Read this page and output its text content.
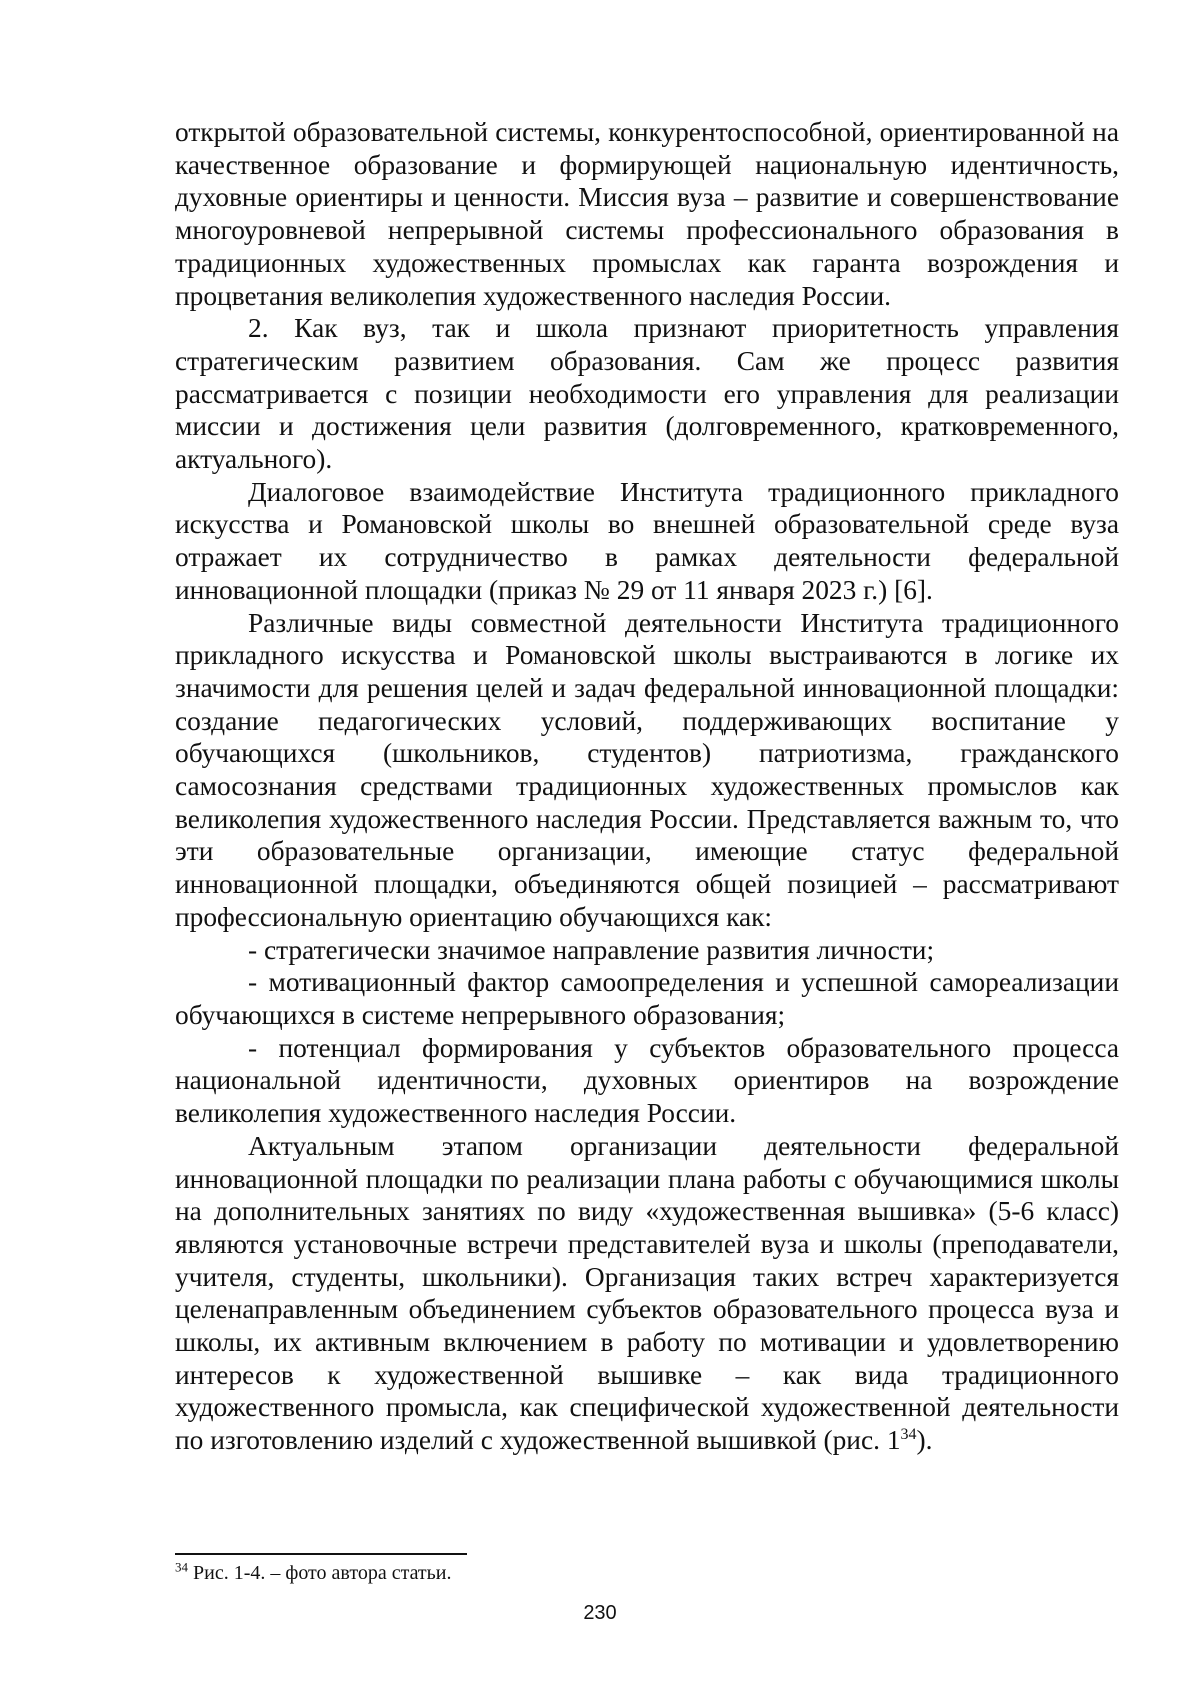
открытой образовательной системы, конкурентоспособной, ориентированной на качественное образование и формирующей национальную идентичность, духовные ориентиры и ценности. Миссия вуза – развитие и совершенствование многоуровневой непрерывной системы профессионального образования в традиционных художественных промыслах как гаранта возрождения и процветания великолепия художественного наследия России.

2. Как вуз, так и школа признают приоритетность управления стратегическим развитием образования. Сам же процесс развития рассматривается с позиции необходимости его управления для реализации миссии и достижения цели развития (долговременного, кратковременного, актуального).

Диалоговое взаимодействие Института традиционного прикладного искусства и Романовской школы во внешней образовательной среде вуза отражает их сотрудничество в рамках деятельности федеральной инновационной площадки (приказ № 29 от 11 января 2023 г.) [6].

Различные виды совместной деятельности Института традиционного прикладного искусства и Романовской школы выстраиваются в логике их значимости для решения целей и задач федеральной инновационной площадки: создание педагогических условий, поддерживающих воспитание у обучающихся (школьников, студентов) патриотизма, гражданского самосознания средствами традиционных художественных промыслов как великолепия художественного наследия России. Представляется важным то, что эти образовательные организации, имеющие статус федеральной инновационной площадки, объединяются общей позицией – рассматривают профессиональную ориентацию обучающихся как:

- стратегически значимое направление развития личности;

- мотивационный фактор самоопределения и успешной самореализации обучающихся в системе непрерывного образования;

- потенциал формирования у субъектов образовательного процесса национальной идентичности, духовных ориентиров на возрождение великолепия художественного наследия России.

Актуальным этапом организации деятельности федеральной инновационной площадки по реализации плана работы с обучающимися школы на дополнительных занятиях по виду «художественная вышивка» (5-6 класс) являются установочные встречи представителей вуза и школы (преподаватели, учителя, студенты, школьники). Организация таких встреч характеризуется целенаправленным объединением субъектов образовательного процесса вуза и школы, их активным включением в работу по мотивации и удовлетворению интересов к художественной вышивке – как вида традиционного художественного промысла, как специфической художественной деятельности по изготовлению изделий с художественной вышивкой (рис. $1^{34}$).

$^{34}$ Рис. 1-4. – фото автора статьи.
230
